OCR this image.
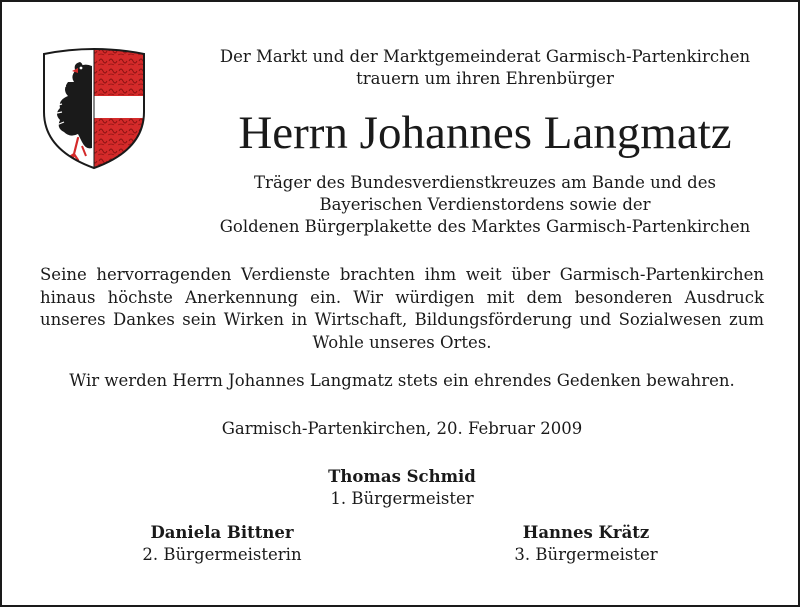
Der Markt und der Marktgemeinderat Garmisch-Partenkirchen
trauern um ihren Ehrenbürger
Herrn Johannes Langmatz
Träger des Bundesverdienstkreuzes am Bande und des
Bayerischen Verdienstordens sowie der
Goldenen Bürgerplakette des Marktes Garmisch-Partenkirchen
Seine hervorragenden Verdienste brachten ihm weit über Garmisch-Partenkirchen hinaus höchste Anerkennung ein. Wir würdigen mit dem besonderen Ausdruck unseres Dankes sein Wirken in Wirtschaft, Bildungsförderung und Sozialwesen zum Wohle unseres Ortes.
Wir werden Herrn Johannes Langmatz stets ein ehrendes Gedenken bewahren.
Garmisch-Partenkirchen, 20. Februar 2009
Thomas Schmid
1. Bürgermeister
Daniela Bittner
2. Bürgermeisterin
Hannes Krätz
3. Bürgermeister
